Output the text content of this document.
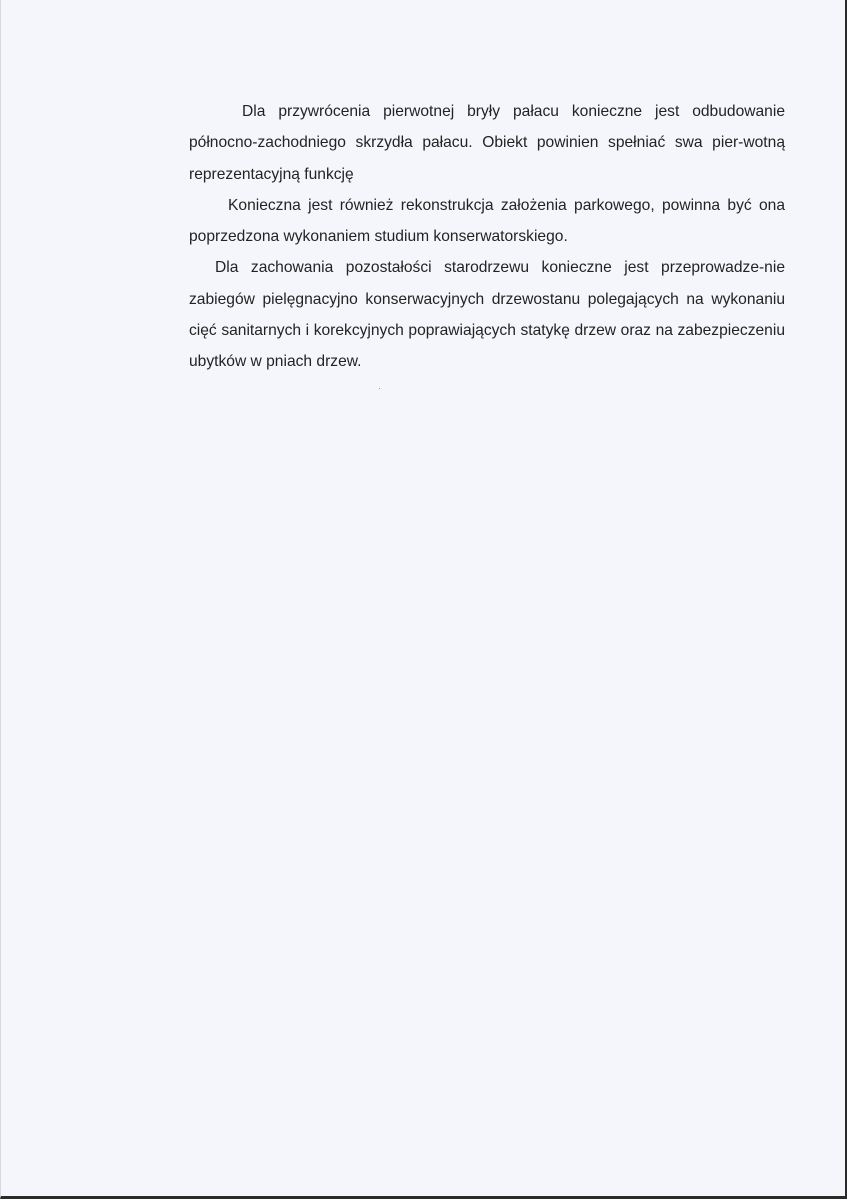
Dla przywrócenia pierwotnej bryły pałacu konieczne jest odbudowanie północno-zachodniego skrzydła pałacu. Obiekt powinien spełniać swa pier-wotną reprezentacyjną funkcję

Konieczna jest również rekonstrukcja założenia parkowego, powinna być ona poprzedzona wykonaniem studium konserwatorskiego.

Dla zachowania pozostałości starodrzewu konieczne jest przeprowadze-nie zabiegów pielęgnacyjno konserwacyjnych drzewostanu polegających na wykonaniu cięć sanitarnych i korekcyjnych poprawiających statykę drzew oraz na zabezpieczeniu ubytków w pniach drzew.
